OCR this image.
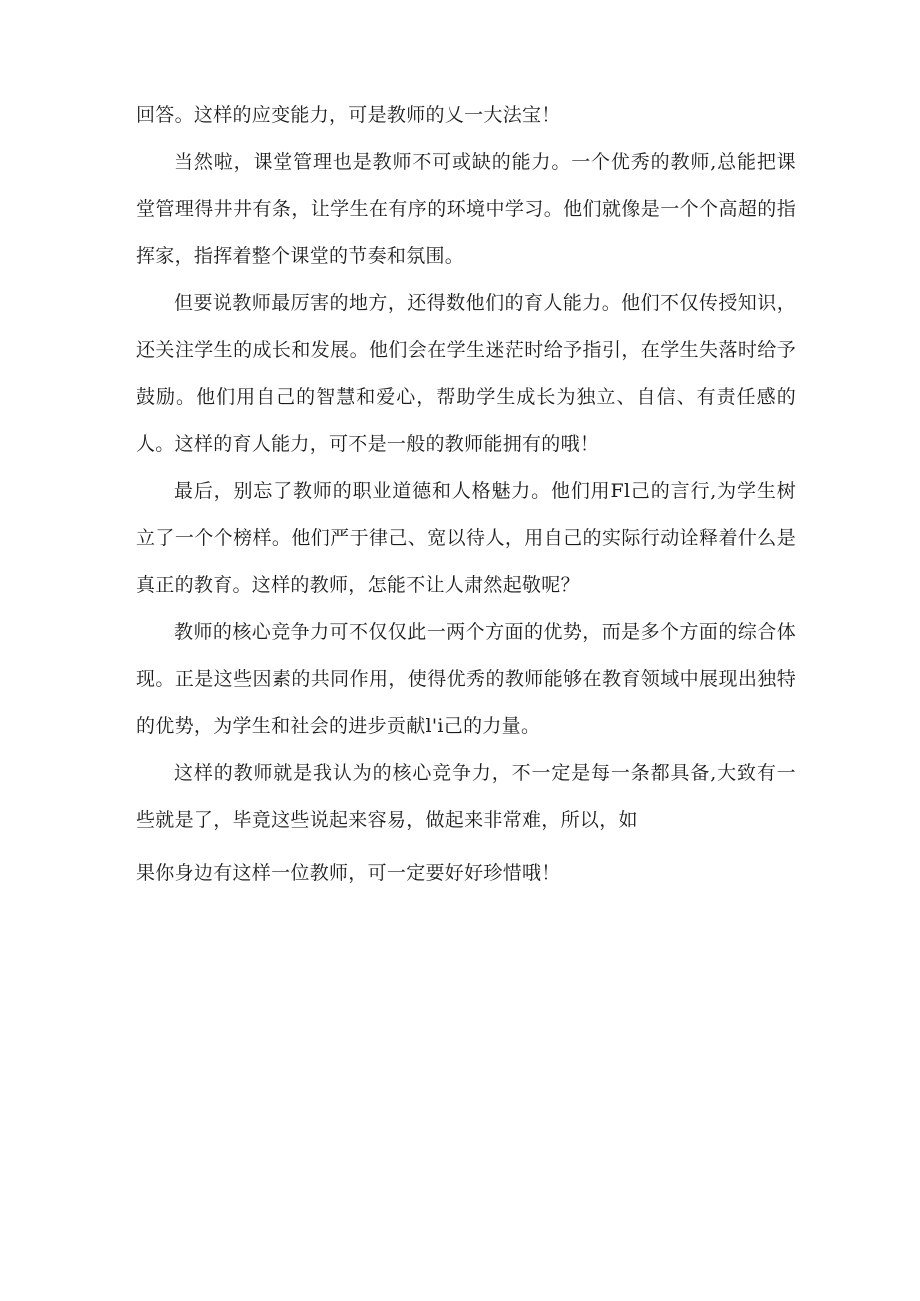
回答。这样的应变能力，可是教师的乂一大法宝！

当然啦，课堂管理也是教师不可或缺的能力。一个优秀的教师,总能把课堂管理得井井有条，让学生在有序的环境中学习。他们就像是一个个高超的指挥家，指挥着整个课堂的节奏和氛围。

但要说教师最厉害的地方，还得数他们的育人能力。他们不仅传授知识，还关注学生的成长和发展。他们会在学生迷茫时给予指引，在学生失落时给予鼓励。他们用自己的智慧和爱心，帮助学生成长为独立、自信、有责任感的人。这样的育人能力，可不是一般的教师能拥有的哦！

最后，别忘了教师的职业道德和人格魅力。他们用Fl己的言行,为学生树立了一个个榜样。他们严于律己、宽以待人，用自己的实际行动诠释着什么是真正的教育。这样的教师，怎能不让人肃然起敬呢？

教师的核心竞争力可不仅仅此一两个方面的优势，而是多个方面的综合体现。正是这些因素的共同作用，使得优秀的教师能够在教育领域中展现出独特的优势，为学生和社会的进步贡献l'i己的力量。

这样的教师就是我认为的核心竞争力，不一定是每一条都具备,大致有一些就是了，毕竟这些说起来容易，做起来非常难，所以，如

果你身边有这样一位教师，可一定要好好珍惜哦！
